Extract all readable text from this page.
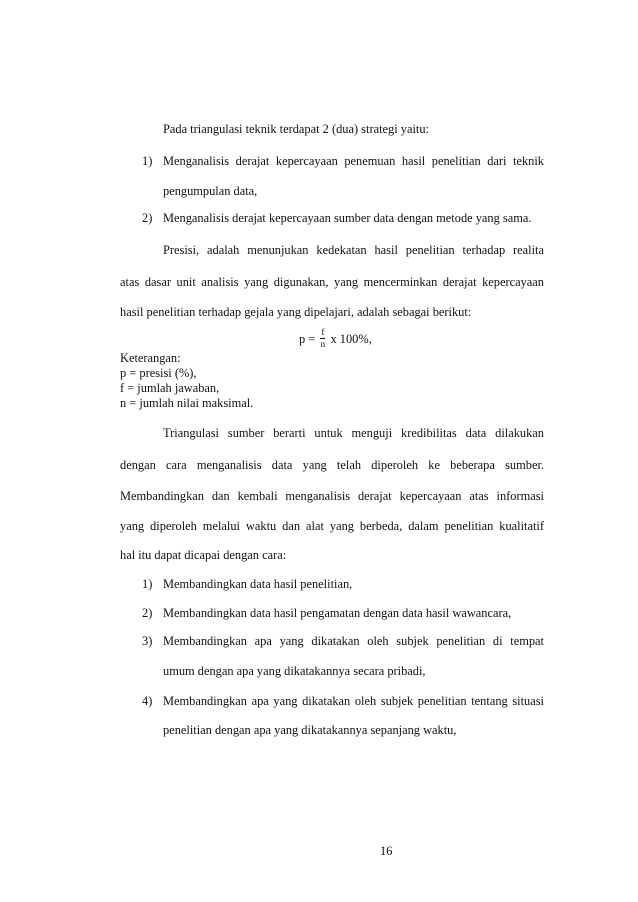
Pada triangulasi teknik terdapat 2 (dua) strategi yaitu:
1) Menganalisis derajat kepercayaan penemuan hasil penelitian dari teknik
pengumpulan data,
2) Menganalisis derajat kepercayaan sumber data dengan metode yang sama.
Presisi, adalah menunjukan kedekatan hasil penelitian terhadap realita
atas dasar unit analisis yang digunakan, yang mencerminkan derajat kepercayaan
hasil penelitian terhadap gejala yang dipelajari, adalah sebagai berikut:
$p = \frac{f}{n}$ x 100%,
Keterangan:
p = presisi (%),
f = jumlah jawaban,
n = jumlah nilai maksimal.
Triangulasi sumber berarti untuk menguji kredibilitas data dilakukan
dengan cara menganalisis data yang telah diperoleh ke beberapa sumber.
Membandingkan dan kembali menganalisis derajat kepercayaan atas informasi
yang diperoleh melalui waktu dan alat yang berbeda, dalam penelitian kualitatif
hal itu dapat dicapai dengan cara:
1) Membandingkan data hasil penelitian,
2) Membandingkan data hasil pengamatan dengan data hasil wawancara,
3) Membandingkan apa yang dikatakan oleh subjek penelitian di tempat
umum dengan apa yang dikatakannya secara pribadi,
4) Membandingkan apa yang dikatakan oleh subjek penelitian tentang situasi
penelitian dengan apa yang dikatakannya sepanjang waktu,
16
